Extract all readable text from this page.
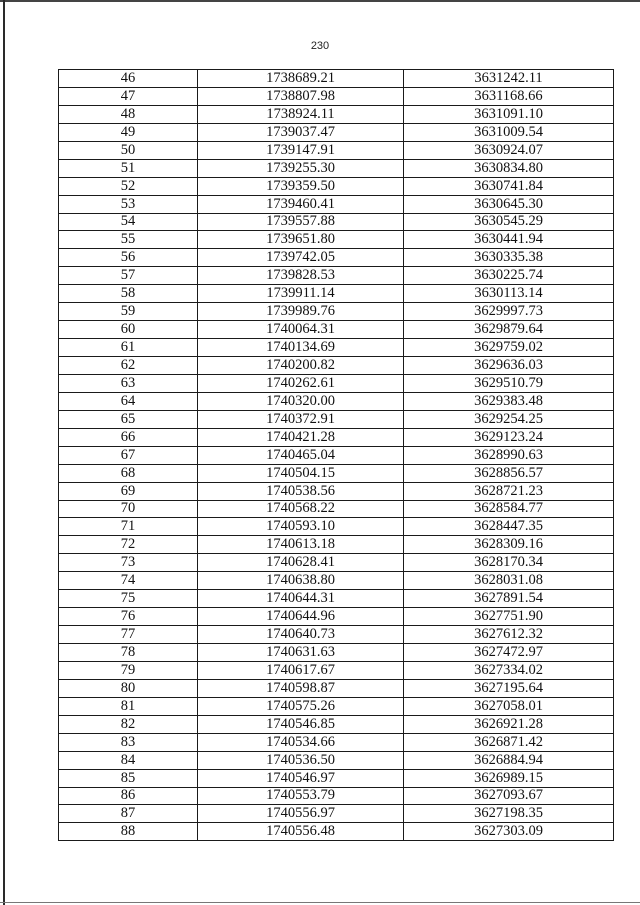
230
46	1738689.21	3631242.11
47	1738807.98	3631168.66
48	1738924.11	3631091.10
49	1739037.47	3631009.54
50	1739147.91	3630924.07
51	1739255.30	3630834.80
52	1739359.50	3630741.84
53	1739460.41	3630645.30
54	1739557.88	3630545.29
55	1739651.80	3630441.94
56	1739742.05	3630335.38
57	1739828.53	3630225.74
58	1739911.14	3630113.14
59	1739989.76	3629997.73
60	1740064.31	3629879.64
61	1740134.69	3629759.02
62	1740200.82	3629636.03
63	1740262.61	3629510.79
64	1740320.00	3629383.48
65	1740372.91	3629254.25
66	1740421.28	3629123.24
67	1740465.04	3628990.63
68	1740504.15	3628856.57
69	1740538.56	3628721.23
70	1740568.22	3628584.77
71	1740593.10	3628447.35
72	1740613.18	3628309.16
73	1740628.41	3628170.34
74	1740638.80	3628031.08
75	1740644.31	3627891.54
76	1740644.96	3627751.90
77	1740640.73	3627612.32
78	1740631.63	3627472.97
79	1740617.67	3627334.02
80	1740598.87	3627195.64
81	1740575.26	3627058.01
82	1740546.85	3626921.28
83	1740534.66	3626871.42
84	1740536.50	3626884.94
85	1740546.97	3626989.15
86	1740553.79	3627093.67
87	1740556.97	3627198.35
88	1740556.48	3627303.09
